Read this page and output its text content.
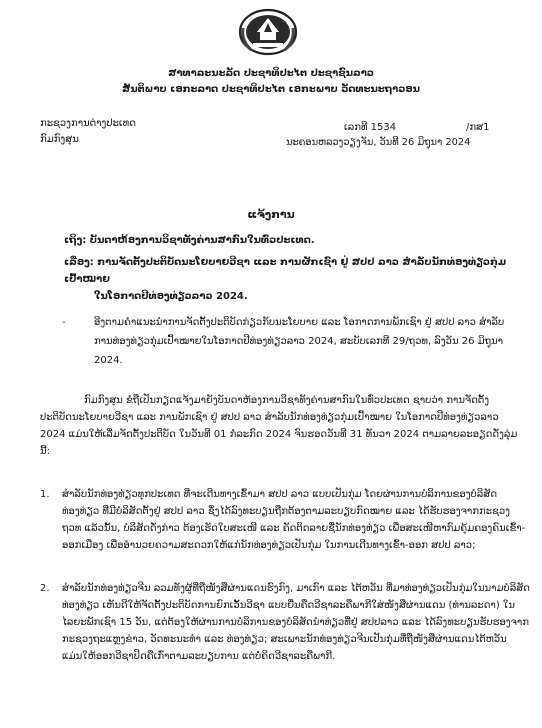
ສາທາລະນະລັດ ປະຊາທິປະໄຕ ປະຊາຊົນລາວ
ສັນຕິພາບ ເອກະລາດ ປະຊາທິປະໄຕ ເອກະພາບ ວັດທະນະຖາວອນ
ກະຊວງການຕ່າງປະເທດ
ກົມກົງສຸນ
ເລກທີ 1534	/ກສ1
ນະຄອນຫລວງວຽງຈັນ, ວັນທີ 26 ມິຖຸນາ 2024
ແຈ້ງການ
ເຖິງ: ບັນດາຫ້ອງການວິຊາທັງຄ່ານສາກົນໃນທົ່ວປະເທດ.
ເລື່ອງ: ການຈັດຕັ້ງປະຕິບັດນະໂຍບາຍວີຊາ ແລະ ການຜັກເຊົາ ຢູ່ ສປປ ລາວ ສຳລັບນັກທ່ອງທ່ຽວກຸ່ມເປົ້າໝາຍ
ໃນໂອກາດປີທ່ອງທ່ຽວລາວ 2024.
-	ອີງຕາມຄຳແນະນຳການຈັດຕັ້ງປະຕິບັດກ່ຽວກັບນະໂຍບາຍ ແລະ ໂອກາດການພັກເຊົາ ຢູ່ ສປປ ລາວ ສຳລັບການທ່ອງທ່ຽວກຸ່ມເປົ້າໝາຍໃນໂອກາດປີທ່ອງທ່ຽວລາວ 2024, ສະບັບເລກທີ 29/ຖວທ, ລົງວັນ 26 ມິຖຸນາ 2024.
ກົມກົງສຸນ ຂໍຖືເປັນກຽດແຈ້ງມາຍັງບັນດາຫ້ອງການວິຊາທັງຄ່ານສາກົນໃນທົ່ວປະເທດ ຊາບວ່າ ການຈັດຕັ້ງປະຕິບັດນະໂຍບາຍວີຊາ ແລະ ການພັກເຊົາ ຢູ່ ສປປ ລາວ ສຳລັບນັກທ່ອງທ່ຽວກຸ່ມເປົ້າໝາຍ ໃນໂອກາດປີທ່ອງທ່ຽວລາວ 2024 ແມ່ນໃຫ້ເລີ່ມຈັດຕັ້ງປະຕິບັດ ໃນວັນທີ 01 ກໍລະກົດ 2024 ຈົນຮອດວັນທີ 31 ທັນວາ 2024 ຕາມລາຍລະອຽດດັ່ງລຸ່ມນີ້:
1.	ສຳລັບນັກທ່ອງທ່ຽວທຸກປະເທດ ທີ່ຈະເດີນທາງເຂົ້າມາ ສປປ ລາວ ແບບເປັນກຸ່ມ ໂດຍຜ່ານການບໍລິການຂອງບໍລິສັດທ່ອງທ່ຽວ ທີ່ມີບໍລິສັດຕັ້ງຢູ່ ສປປ ລາວ ຊຶ່ງໄດ້ລົງທະບຽນຖືກຕ້ອງຕາມລະບຽບກົດໝາຍ ແລະ ໄດ້ຮັບຮອງຈາກກະຊວງ ຖວທ ແລ້ວນັ້ນ, ບໍລິສັດດັ່ງກ່າວ ຕ້ອງເຮັດໃບສະເໜີ ແລະ ຄັດຕິດລາຍຊື່ນັກທ່ອງທ່ຽວ ເພື່ອສະເໜີຫາກົມຄຸ້ມຄອງຄົນເຂົ້າ-ອອກເມືອງ ເພື່ອອຳນວຍຄວາມສະດວກໃຫ້ແກ່ນັກທ່ອງທ່ຽວເປັນກຸ່ມ ໃນການເດີນທາງເຂົ້າ-ອອກ ສປປ ລາວ;
2.	ສຳລັບນັກທ່ອງທ່ຽວຈີນ ລວມທັງຜູ້ທີ່ຖືໜັງສືຜ່ານແດນຮົງກົງ, ມາເກົາ ແລະ ໄຕ້ຫວັນ ທີ່ມາທ່ອງທ່ຽວເປັນກຸ່ມໃນນາມບໍລິສັດທ່ອງທ່ຽວ ເຫັນດີໃຫ້ຈັດຕັ້ງປະຕິບັດການຍົກເວັ້ນວີຊາ ແບບຍື່ນຄືດວີຊາລະຄືພາກີໃສ່ໜັງສືຜ່ານແດນ (ທ່ານລະດາ) ໃນໄລຍະພັກເຊົາ 15 ວັນ, ແຕ່ຕ້ອງໃຫ້ຜ່ານການບໍລິການຂອງບໍລິສັດນຳທ່ຽວທີ່ຢູ່ ສປປລາວ ແລະ ໄດ້ລົງທະບຽນຮັບຮອງຈາກກະຊວງຖະແຫຼງຂ່າວ, ວັດທະນະທຳ ແລະ ທ່ອງທ່ຽວ; ສະເພາະນັກທ່ອງທ່ຽວຈີນເປັນກຸ່ມທີ່ຖືໜັງສືຜ່ານແດນໄຕ້ຫວັນ ແມ່ນໃຫ້ອອກວີຊາປິດຄືເກົ່າຕາມລະບຽບການ ແຕ່ບໍ່ຄິດວີຊາລະຄືພາກີ.
